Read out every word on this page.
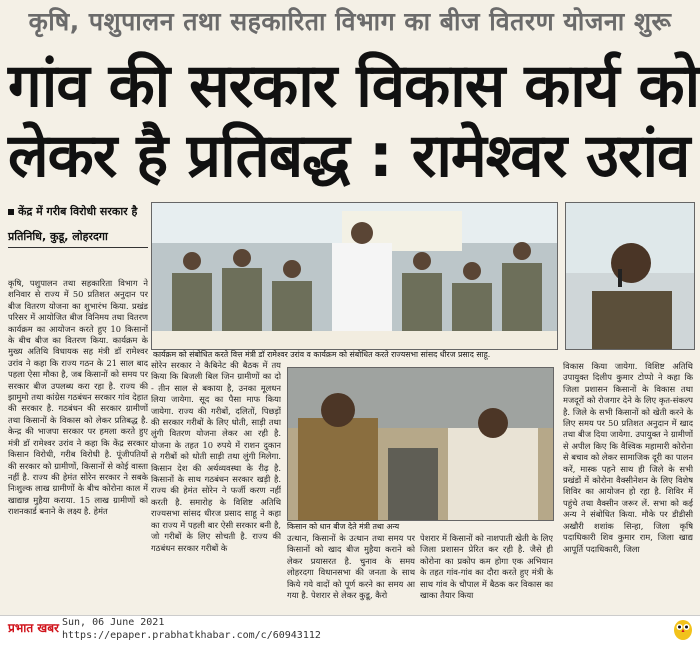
कृषि, पशुपालन तथा सहकारिता विभाग का बीज वितरण योजना शुरू
गांव की सरकार विकास कार्य को
लेकर है प्रतिबद्ध : रामेश्वर उरांव
केंद्र में गरीब विरोधी सरकार है
प्रतिनिधि, कुडू, लोहरदगा
कृषि, पशुपालन तथा सहकारिता विभाग ने शनिवार से राज्य में 50 प्रतिशत अनुदान पर बीज वितरण योजना का शुभारंभ किया. प्रखंड परिसर में आयोजित बीज विनिमय तथा वितरण कार्यक्रम का आयोजन करते हुए 10 किसानों के बीच बीज का वितरण किया. कार्यक्रम के मुख्य अतिथि विधायक सह मंत्री डॉ रामेश्वर उरांव ने कहा कि राज्य गठन के 21 साल बाद पहला ऐसा मौका है, जब किसानों को समय पर सरकार बीज उपलब्ध करा रहा है. राज्य की झामुमो तथा कांग्रेस गठबंधन सरकार गांव देहात की सरकार है. गठबंधन की सरकार ग्रामीणों तथा किसानों के विकास को लेकर प्रतिबद्ध है. केन्द्र की भाजपा सरकार पर हमला करते हुए मंत्री डॉ रामेश्वर उरांव ने कहा कि केंद्र सरकार किसान विरोधी, गरीब विरोधी है. पूंजीपतियों की सरकार को ग्रामीणों, किसानों से कोई वास्ता नहीं है. राज्य की हेमंत सोरेन सरकार ने सबके निःशुल्क लाख ग्रामीणों के बीच कोरोना काल में खाद्यान्न मुहैया कराया. 15 लाख ग्रामीणों को राशनकार्ड बनाने के लक्ष्य है. हेमंत
कार्यक्रम को संबोधित करते वित्त मंत्री डॉ रामेश्वर उरांव व कार्यक्रम को संबोधित करते राज्यसभा सांसद धीरज प्रसाद साहू.
सोरेन सरकार ने कैबिनेट की बैठक में तय किया कि बिजली बिल जिन ग्रामीणों का दो - तीन साल से बकाया है, उनका मूलधन लिया जायेगा. सूद का पैसा माफ किया जायेगा. राज्य की गरीबों, दलितों, पिछड़ों की सरकार गरीबों के लिए धोती, साड़ी तथा लुंगी वितरण योजना लेकर आ रही है. योजना के तहत 10 रुपये में राशन दुकान से गरीबों को धोती साड़ी तथा लुंगी मिलेगा. किसान देश की अर्थव्यवस्था के रीढ़ है. किसानों के साथ गठबंधन सरकार खड़ी है. राज्य की हेमंत सोरेन ने फर्जी करण नहीं करती है. समारोह के विशिष्ट अतिथि राज्यसभा सांसद धीरज प्रसाद साहू ने कहा का राज्य में पहली बार ऐसी सरकार बनी है, जो गरीबों के लिए सोचती है. राज्य की गठबंधन सरकार गरीबों के
किसान को धान बीज देते मंत्री तथा अन्य
उत्थान, किसानों के उत्थान तथा समय पर किसानों को खाद बीज मुहैया कराने को लेकर प्रयासरत है. चुनाव के समय लोहरदगा विधानसभा की जनता के साथ किये गये वादों को पूर्ण करने का समय आ गया है. पेशरार से लेकर कुडू, कैरो
पेशरार में किसानों को नाशपाती खेती के लिए जिला प्रशासन प्रेरित कर रही है. जैसे ही कोरोना का प्रकोप कम होगा एक अभियान के तहत गांव-गांव का दौरा करते हुए मंत्री के साथ गांव के चौपाल में बैठक कर विकास का खाका तैयार किया
विकास किया जायेगा. विशिष्ट अतिथि उपायुक्त दिलीप कुमार टोप्पो ने कहा कि जिला प्रशासन किसानों के विकास तथा मजदूरों को रोजगार देने के लिए कृत-संकल्प है. जिले के सभी किसानों को खेती करने के लिए समय पर 50 प्रतिशत अनुदान में खाद तथा बीज दिया जायेगा. उपायुक्त ने ग्रामीणों से अपील किए कि वैश्विक महामारी कोरोना से बचाव को लेकर सामाजिक दूरी का पालन करें, मास्क पहने साथ ही जिले के सभी प्रखंडों में कोरोना वैक्सीनेशन के लिए विशेष शिविर का आयोजन हो रहा है. शिविर में पहुंचे तथा वैक्सीन जरूर लें. सभा को कई अन्य ने संबोधित किया. मौके पर डीडीसी अखौरी शशांक सिन्हा, जिला कृषि पदाधिकारी शिव कुमार राम, जिला खाद्य आपूर्ति पदाधिकारी, जिला
प्रभात खबर Sun, 06 June 2021
https://epaper.prabhatkhabar.com/c/60943112
